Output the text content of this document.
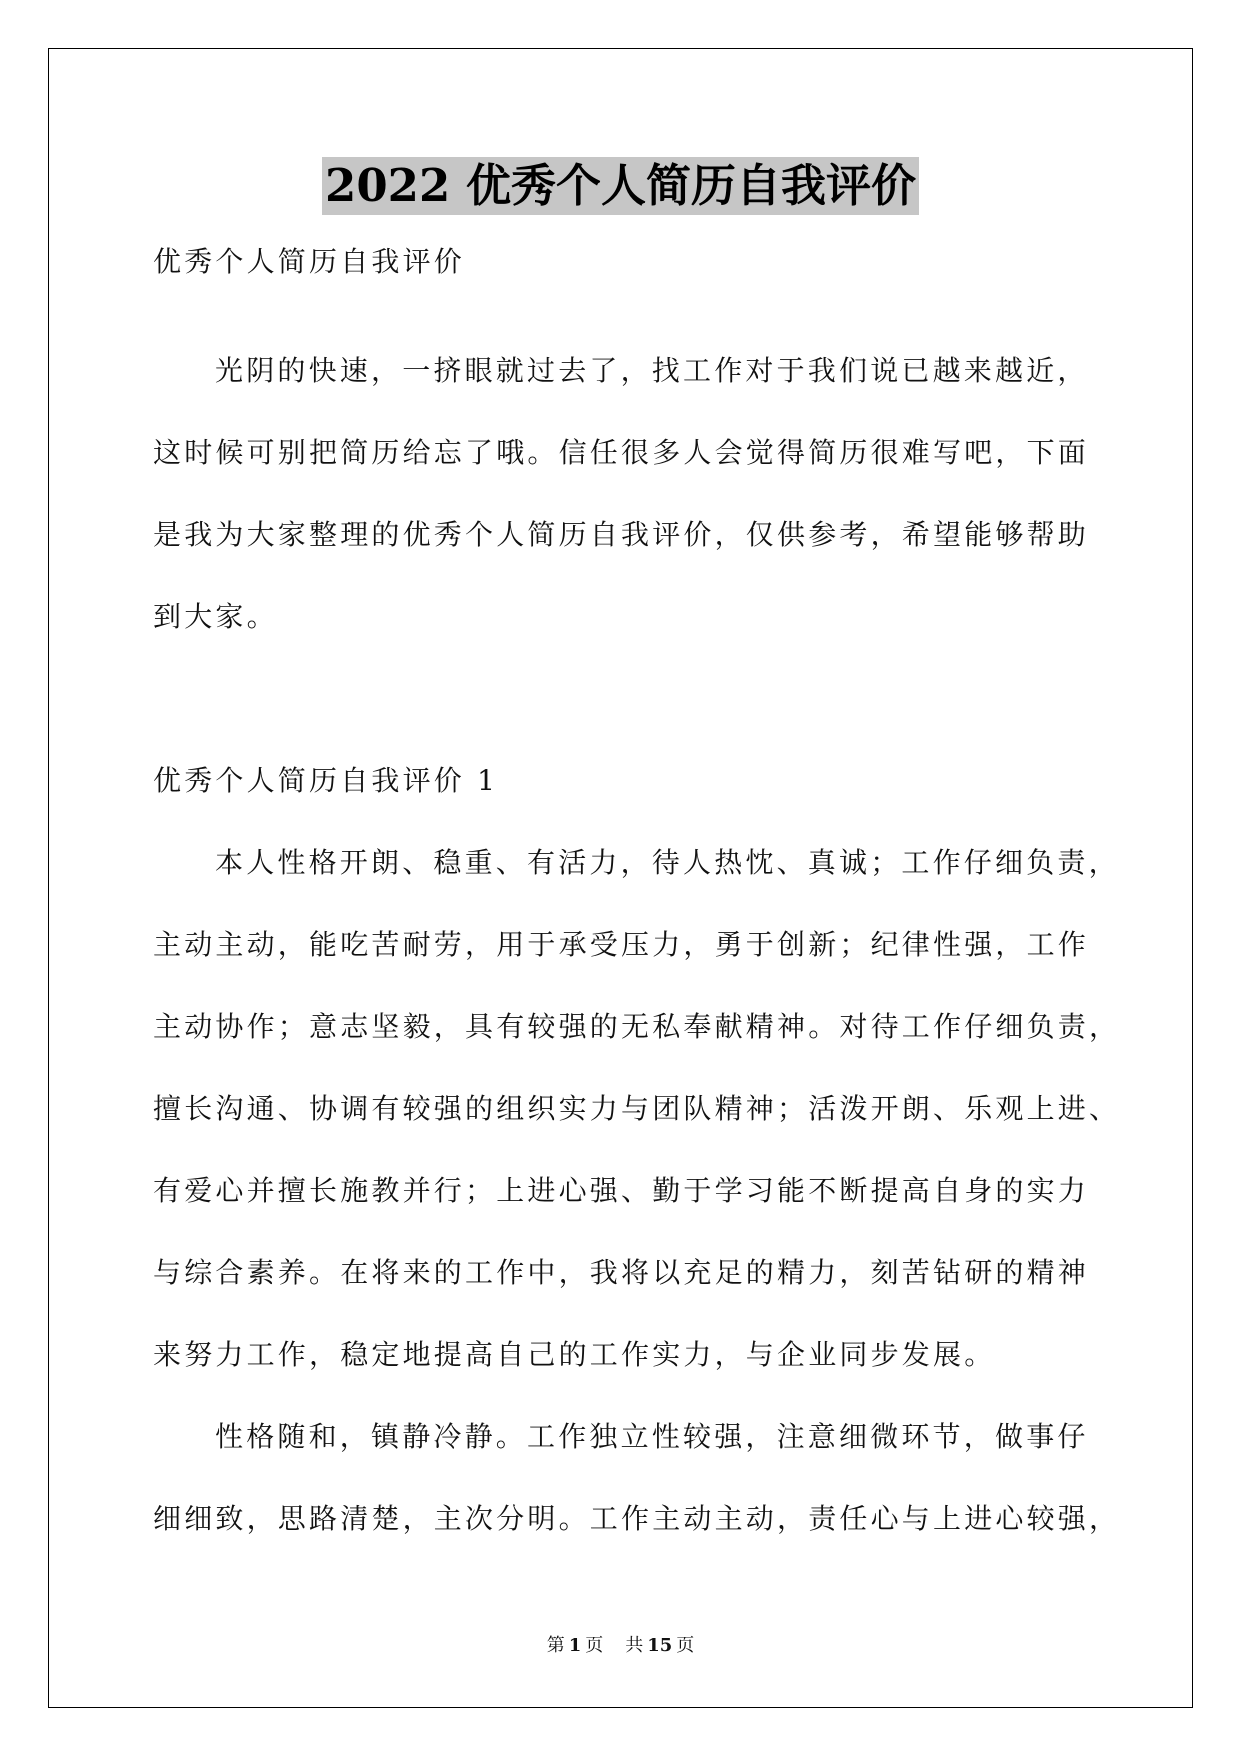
2022 优秀个人简历自我评价
优秀个人简历自我评价
光阴的快速，一挤眼就过去了，找工作对于我们说已越来越近，
这时候可别把简历给忘了哦。信任很多人会觉得简历很难写吧，下面
是我为大家整理的优秀个人简历自我评价，仅供参考，希望能够帮助
到大家。
优秀个人简历自我评价 1
本人性格开朗、稳重、有活力，待人热忱、真诚；工作仔细负责，
主动主动，能吃苦耐劳，用于承受压力，勇于创新；纪律性强，工作
主动协作；意志坚毅，具有较强的无私奉献精神。对待工作仔细负责，
擅长沟通、协调有较强的组织实力与团队精神；活泼开朗、乐观上进、
有爱心并擅长施教并行；上进心强、勤于学习能不断提高自身的实力
与综合素养。在将来的工作中，我将以充足的精力，刻苦钻研的精神
来努力工作，稳定地提高自己的工作实力，与企业同步发展。
性格随和，镇静冷静。工作独立性较强，注意细微环节，做事仔
细细致，思路清楚，主次分明。工作主动主动，责任心与上进心较强，
第 1 页 共 15 页
